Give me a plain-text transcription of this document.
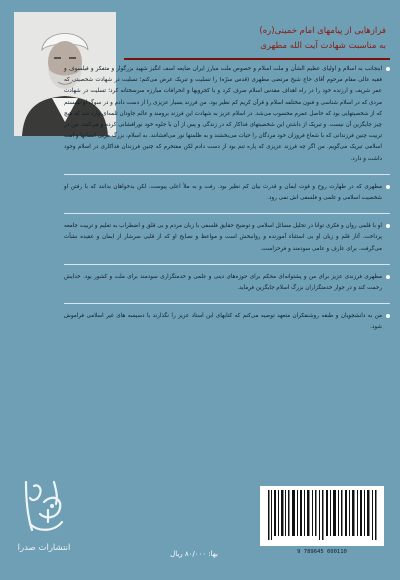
فرازهایی از پیامهای امام خمینی(ره)
به مناسبت شهادت آیت الله مطهری
اینجانب به اسلام و اولیای عظیم الشأن و ملت اسلام و خصوص ملت مبارز ایران ضایعه اسف انگیز شهید بزرگوار و متفکر و فیلسوف و فقیه عالی مقام مرحوم آقای حاج شیخ مرتضی مطهری (قدس سرّه) را تسلیت و تبریک عرض می‌کنم؛ تسلیت در شهادت شخصیتی که عمر شریف و ارزنده خود را در راه اهداف مقدس اسلام صرف کرد و با کجرویها و انحرافات مبارزه سرسختانه کرد؛ تسلیت در شهادت مردی که در اسلام شناسی و فنون مختلفه اسلام و قرآن کریم کم نظیر بود. من فرزند بسیار عزیزی را از دست دادم و در سوگ او نشستم که از شخصیتهایی بود که حاصل عمرم محسوب می‌شد. در اسلام عزیز به شهادت این فرزند برومند و عالم جاودان ثلمه‌ای وارد شد که هیچ چیز جایگزین آن نیست. و تبریک از داشتن این شخصیتهای فداکار که در زندگی و پس از آن با جلوه خود نورافشانی کرده و می‌کنند. من در تربیت چنین فرزندانی که با شعاع فروزان خود مردگان را حیات می‌بخشند و به ظلمتها نور می‌افشانند. به اسلام، بزرگ مربی انسانها و امت اسلامی تبریک می‌گویم. من اگر چه فرزند عزیزی که پاره تنم بود از دست دادم لکن مفتخرم که چنین فرزندان فداکاری در اسلام وجود داشت و دارد.
مطهری که در طهارت روح و قوت ایمان و قدرت بیان کم نظیر بود. رفت و به ملأ اعلی پیوست. لکن بدخواهان بدانند که با رفتن او شخصیت اسلامی و علمی و فلسفی اش نمی رود.
او با قلمی روان و فکری توانا در تحلیل مسائل اسلامی و توضیح حقایق فلسفی با زبان مردم و بی قلق و اضطراب به تعلیم و تربیت جامعه پرداخت. آثار قلم و زبان او بی استثناء آموزنده و روانبخش است و مواعظ و نصایح او که از قلبی سرشار از ایمان و عقیده نشأت می‌گرفت. برای عارف و عامی سودمند و فرحزاست.
مطهری فرزندی عزیز برای من و پشتوانه‌ای محکم برای حوزه‌های دینی و علمی و خدمتگزاری سودمند برای ملت و کشور بود. خدایش رحمت کند و در جوار خدمتگزاران بزرگ اسلام جایگزین فرماید.
من به دانشجویان و طبقه روشنفکران متعهد توصیه می‌کنم که کتابهای این استاد عزیز را نگذارند با دسیسه های غیر اسلامی فراموش شود.
انتشارات صدرا	9 789645 600110
بها: ۸۰/۰۰۰ ریال
